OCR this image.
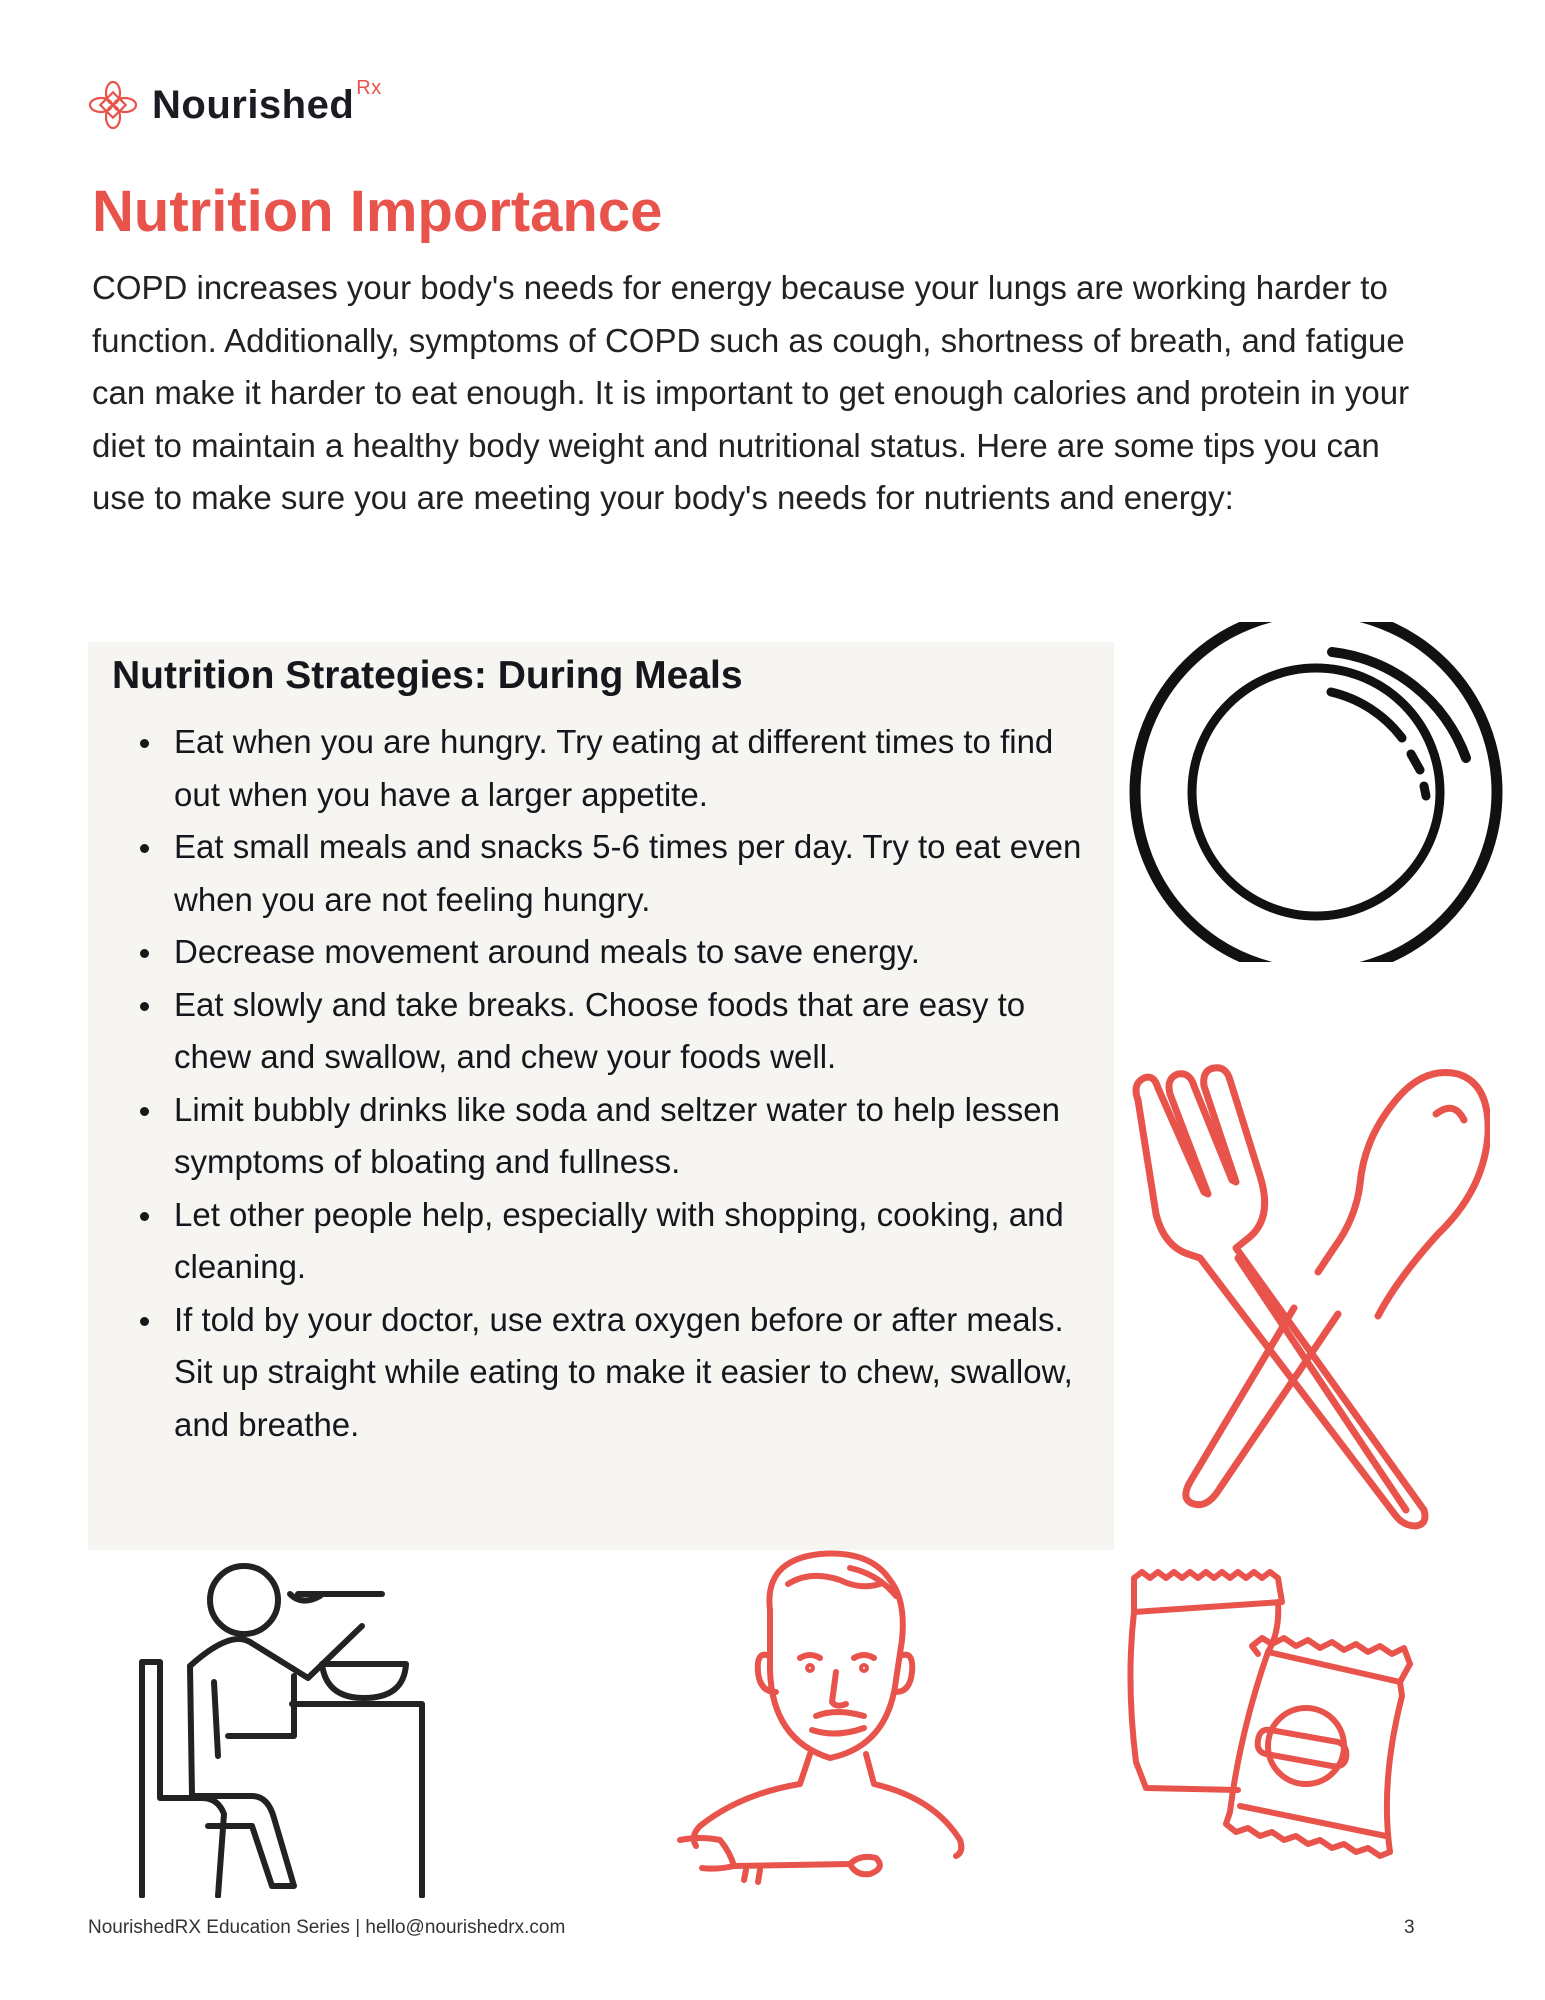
Nourished $^{Rx}$
Nutrition Importance

COPD increases your body's needs for energy because your lungs are working harder to function. Additionally, symptoms of COPD such as cough, shortness of breath, and fatigue can make it harder to eat enough. It is important to get enough calories and protein in your diet to maintain a healthy body weight and nutritional status. Here are some tips you can use to make sure you are meeting your body's needs for nutrients and energy:

Nutrition Strategies: During Meals
Eat when you are hungry. Try eating at different times to find out when you have a larger appetite.
Eat small meals and snacks 5-6 times per day. Try to eat even when you are not feeling hungry.
Decrease movement around meals to save energy.
Eat slowly and take breaks. Choose foods that are easy to chew and swallow, and chew your foods well.
Limit bubbly drinks like soda and seltzer water to help lessen symptoms of bloating and fullness.
Let other people help, especially with shopping, cooking, and cleaning.
If told by your doctor, use extra oxygen before or after meals. Sit up straight while eating to make it easier to chew, swallow, and breathe.
NourishedRX Education Series | hello@nourishedrx.com	3
